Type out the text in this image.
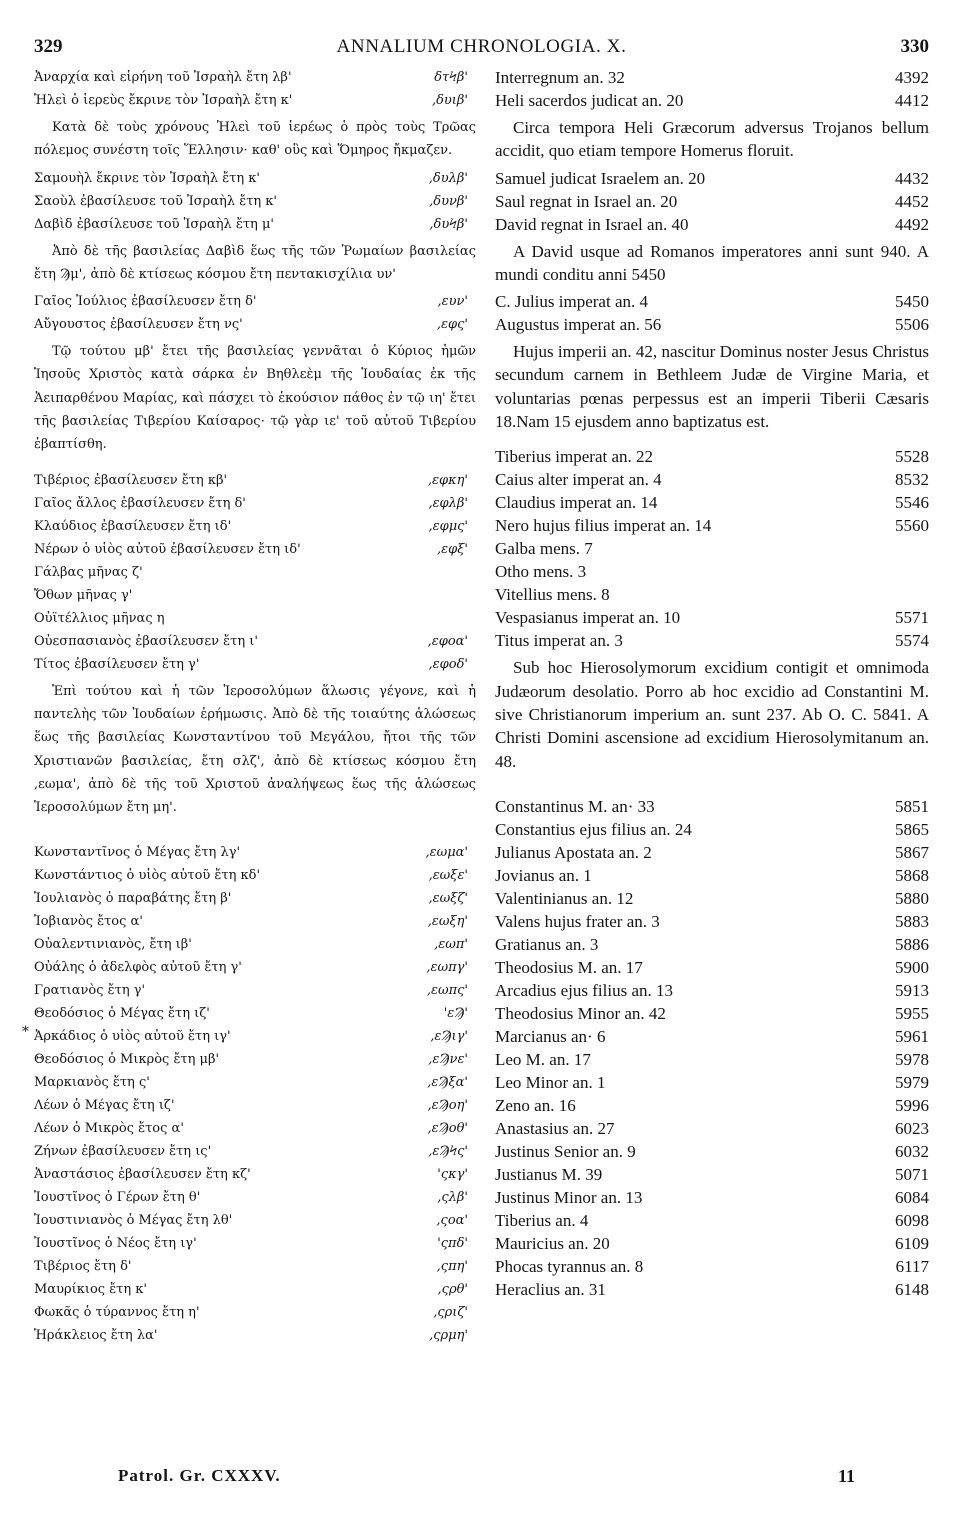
329	ANNALIUM CHRONOLOGIA. X.	330
*
Ἀναρχία καὶ εἰρήνη τοῦ Ἰσραὴλ ἔτη λβ'	δτϞβ'
Ἠλεὶ ὁ ἱερεὺς ἔκρινε τὸν Ἰσραὴλ ἔτη κ'	,δυιβ'

Κατὰ δὲ τοὺς χρόνους Ἠλεὶ τοῦ ἱερέως ὁ πρὸς τοὺς Τρῶας πόλεμος συνέστη τοῖς Ἕλλησιν· καθ' οὓς καὶ Ὅμηρος ἤκμαζεν.

Σαμουὴλ ἔκρινε τὸν Ἰσραὴλ ἔτη κ'	,δυλβ'
Σαοὺλ ἐβασίλευσε τοῦ Ἰσραὴλ ἔτη κ'	,δυνβ'
Δαβὶδ ἐβασίλευσε τοῦ Ἰσραὴλ ἔτη μ'	,δυϞβ'

Ἀπὸ δὲ τῆς βασιλείας Δαβὶδ ἕως τῆς τῶν Ῥωμαίων βασιλείας ἔτη Ϡμ', ἀπὸ δὲ κτίσεως κόσμου ἔτη πεντακισχίλια υν'

Γαῖος Ἰούλιος ἐβασίλευσεν ἔτη δ'	,ευν'
Αὔγουστος ἐβασίλευσεν ἔτη νς'	,εφς'

Τῷ τούτου μβ' ἔτει τῆς βασιλείας γεννᾶται ὁ Κύριος ἡμῶν Ἰησοῦς Χριστὸς κατὰ σάρκα ἐν Βηθλεὲμ τῆς Ἰουδαίας ἐκ τῆς Ἀειπαρθένου Μαρίας, καὶ πάσχει τὸ ἑκούσιον πάθος ἐν τῷ ιη' ἔτει τῆς βασιλείας Τιβερίου Καίσαρος· τῷ γὰρ ιε' τοῦ αὐτοῦ Τιβερίου ἐβαπτίσθη.

Τιβέριος ἐβασίλευσεν ἔτη κβ'	,εφκη'
Γαῖος ἄλλος ἐβασίλευσεν ἔτη δ'	,εφλβ'
Κλαύδιος ἐβασίλευσεν ἔτη ιδ'	,εφμς'
Νέρων ὁ υἱὸς αὐτοῦ ἐβασίλευσεν ἔτη ιδ'	,εφξ'
Γάλβας μῆνας ζ'
Ὄθων μῆνας γ'
Οὐϊτέλλιος μῆνας η
Οὐεσπασιανὸς ἐβασίλευσεν ἔτη ι'	,εφοα'
Τίτος ἐβασίλευσεν ἔτη γ'	,εφοδ'

Ἐπὶ τούτου καὶ ἡ τῶν Ἱεροσολύμων ἅλωσις γέγονε, καὶ ἡ παντελὴς τῶν Ἰουδαίων ἐρήμωσις. Ἀπὸ δὲ τῆς τοιαύτης ἁλώσεως ἕως τῆς βασιλείας Κωνσταντίνου τοῦ Μεγάλου, ἤτοι τῆς τῶν Χριστιανῶν βασιλείας, ἔτη σλζ', ἀπὸ δὲ κτίσεως κόσμου ἔτη ,εωμα', ἀπὸ δὲ τῆς τοῦ Χριστοῦ ἀναλήψεως ἕως τῆς ἁλώσεως Ἱεροσολύμων ἔτη μη'.

Κωνσταντῖνος ὁ Μέγας ἔτη λγ'	,εωμα'
Κωνστάντιος ὁ υἱὸς αὐτοῦ ἔτη κδ'	,εωξε'
Ἰουλιανὸς ὁ παραβάτης ἔτη β'	,εωξζ'
Ἰοβιανὸς ἔτος α'	,εωξη'
Οὐαλεντινιανὸς, ἔτη ιβ'	,εωπ'
Οὐάλης ὁ ἀδελφὸς αὐτοῦ ἔτη γ'	,εωπγ'
Γρατιανὸς ἔτη γ'	,εωπς'
Θεοδόσιος ὁ Μέγας ἔτη ιζ'	'εϠ'
Ἀρκάδιος ὁ υἱὸς αὐτοῦ ἔτη ιγ'	,εϠιγ'
Θεοδόσιος ὁ Μικρὸς ἔτη μβ'	,εϠνε'
Μαρκιανὸς ἔτη ς'	,εϠξα'
Λέων ὁ Μέγας ἔτη ιζ'	,εϠοη'
Λέων ὁ Μικρὸς ἔτος α'	,εϠοθ'
Ζήνων ἐβασίλευσεν ἔτη ις'	,εϠϞς'
Ἀναστάσιος ἐβασίλευσεν ἔτη κζ'	'ςκγ'
Ἰουστῖνος ὁ Γέρων ἔτη θ'	,ςλβ'
Ἰουστινιανὸς ὁ Μέγας ἔτη λθ'	,ςοα'
Ἰουστῖνος ὁ Νέος ἔτη ιγ'	'ςπδ'
Τιβέριος ἔτη δ'	,ςπη'
Μαυρίκιος ἔτη κ'	,ςρθ'
Φωκᾶς ὁ τύραννος ἔτη η'	,ςριζ'
Ἡράκλειος ἔτη λα'	,ςρμη'
Interregnum an. 32	4392
Heli sacerdos judicat an. 20	4412

Circa tempora Heli Græcorum adversus Trojanos bellum accidit, quo etiam tempore Homerus floruit.

Samuel judicat Israelem an. 20	4432
Saul regnat in Israel an. 20	4452
David regnat in Israel an. 40	4492

A David usque ad Romanos imperatores anni sunt 940. A mundi conditu anni 5450

C. Julius imperat an. 4	5450
Augustus imperat an. 56	5506

Hujus imperii an. 42, nascitur Dominus noster Jesus Christus secundum carnem in Bethleem Judæ de Virgine Maria, et voluntarias pœnas perpessus est an imperii Tiberii Cæsaris 18.Nam 15 ejusdem anno baptizatus est.

Tiberius imperat an. 22	5528
Caius alter imperat an. 4	8532
Claudius imperat an. 14	5546
Nero hujus filius imperat an. 14	5560
Galba mens. 7
Otho mens. 3
Vitellius mens. 8
Vespasianus imperat an. 10	5571
Titus imperat an. 3	5574

Sub hoc Hierosolymorum excidium contigit et omnimoda Judæorum desolatio. Porro ab hoc excidio ad Constantini M. sive Christianorum imperium an. sunt 237. Ab O. C. 5841. A Christi Domini ascensione ad excidium Hierosolymitanum an. 48.

Constantinus M. an· 33	5851
Constantius ejus filius an. 24	5865
Julianus Apostata an. 2	5867
Jovianus an. 1	5868
Valentinianus an. 12	5880
Valens hujus frater an. 3	5883
Gratianus an. 3	5886
Theodosius M. an. 17	5900
Arcadius ejus filius an. 13	5913
Theodosius Minor an. 42	5955
Marcianus an· 6	5961
Leo M. an. 17	5978
Leo Minor an. 1	5979
Zeno an. 16	5996
Anastasius an. 27	6023
Justinus Senior an. 9	6032
Justianus M. 39	5071
Justinus Minor an. 13	6084
Tiberius an. 4	6098
Mauricius an. 20	6109
Phocas tyrannus an. 8	6117
Heraclius an. 31	6148
Patrol. Gr. CXXXV.	11
